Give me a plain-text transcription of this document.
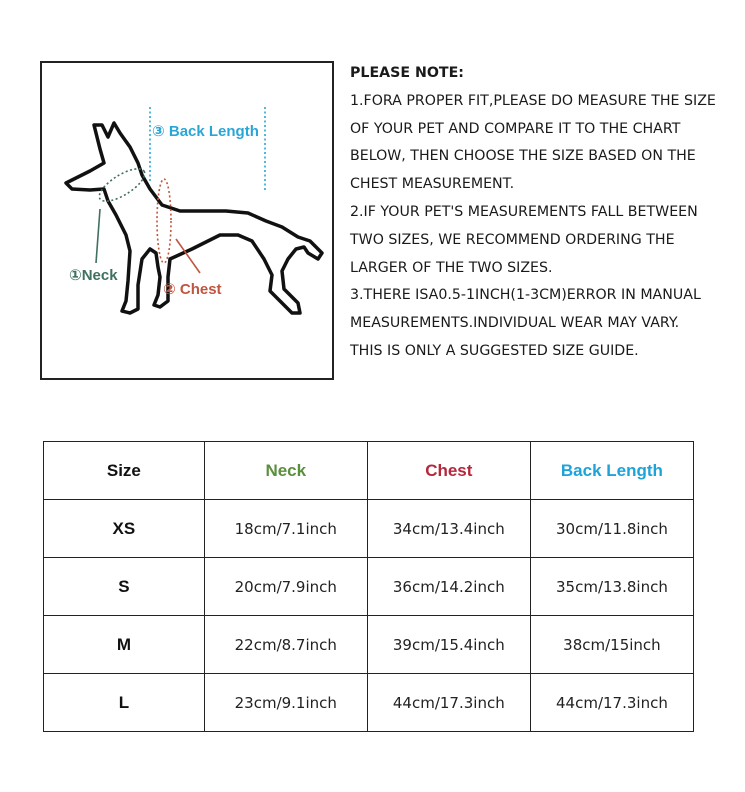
③ Back Length
①Neck
② Chest
PLEASE NOTE:
1.FORA PROPER FIT,PLEASE DO MEASURE THE SIZE
OF YOUR PET AND COMPARE IT TO THE CHART
BELOW, THEN CHOOSE THE SIZE BASED ON THE
CHEST MEASUREMENT.
2.IF YOUR PET'S MEASUREMENTS FALL BETWEEN
TWO SIZES, WE RECOMMEND ORDERING THE
LARGER OF THE TWO SIZES.
3.THERE ISA0.5-1INCH(1-3CM)ERROR IN MANUAL
MEASUREMENTS.INDIVIDUAL WEAR MAY VARY.
THIS IS ONLY A SUGGESTED SIZE GUIDE.
Size	Neck	Chest	Back Length
XS	18cm/7.1inch	34cm/13.4inch	30cm/11.8inch
S	20cm/7.9inch	36cm/14.2inch	35cm/13.8inch
M	22cm/8.7inch	39cm/15.4inch	38cm/15inch
L	23cm/9.1inch	44cm/17.3inch	44cm/17.3inch
